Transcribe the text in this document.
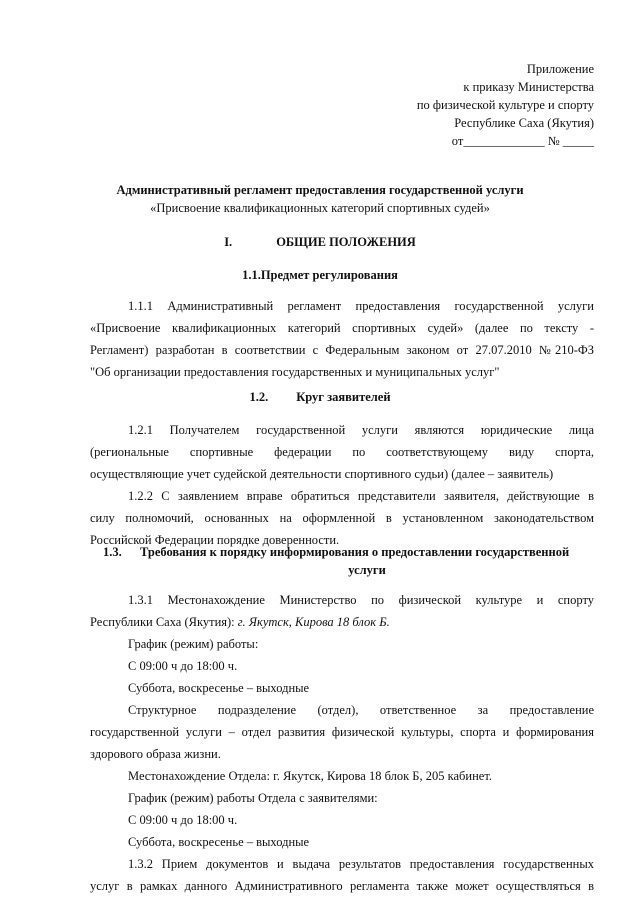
Приложение
к приказу Министерства
по физической культуре и спорту
Республике Саха (Якутия)
от_____________ № _____
Административный регламент предоставления государственной услуги
«Присвоение квалификационных категорий спортивных судей»
I.	ОБЩИЕ ПОЛОЖЕНИЯ
1.1.Предмет регулирования
1.1.1 Административный регламент предоставления государственной услуги
«Присвоение квалификационных категорий спортивных судей» (далее по тексту -
Регламент) разработан в соответствии с Федеральным законом от 27.07.2010 №210-ФЗ
"Об организации предоставления государственных и муниципальных услуг"
1.2. Круг заявителей
1.2.1 Получателем государственной услуги являются юридические лица
(региональные спортивные федерации по соответствующему виду спорта,
осуществляющие учет судейской деятельности спортивного судьи) (далее – заявитель)
1.2.2 С заявлением вправе обратиться представители заявителя, действующие в
силу полномочий, основанных на оформленной в установленном законодательством
Российской Федерации порядке доверенности.
1.3. Требования к порядку информирования о предоставлении государственной
услуги
1.3.1 Местонахождение Министерство по физической культуре и спорту
Республики Саха (Якутия): г. Якутск, Кирова 18 блок Б.
График (режим) работы:
С 09:00 ч до 18:00 ч.
Суббота, воскресенье – выходные
Структурное подразделение (отдел), ответственное за предоставление
государственной услуги – отдел развития физической культуры, спорта и формирования
здорового образа жизни.
Местонахождение Отдела: г. Якутск, Кирова 18 блок Б, 205 кабинет.
График (режим) работы Отдела с заявителями:
С 09:00 ч до 18:00 ч.
Суббота, воскресенье – выходные
1.3.2 Прием документов и выдача результатов предоставления государственных
услуг в рамках данного Административного регламента также может осуществляться в
